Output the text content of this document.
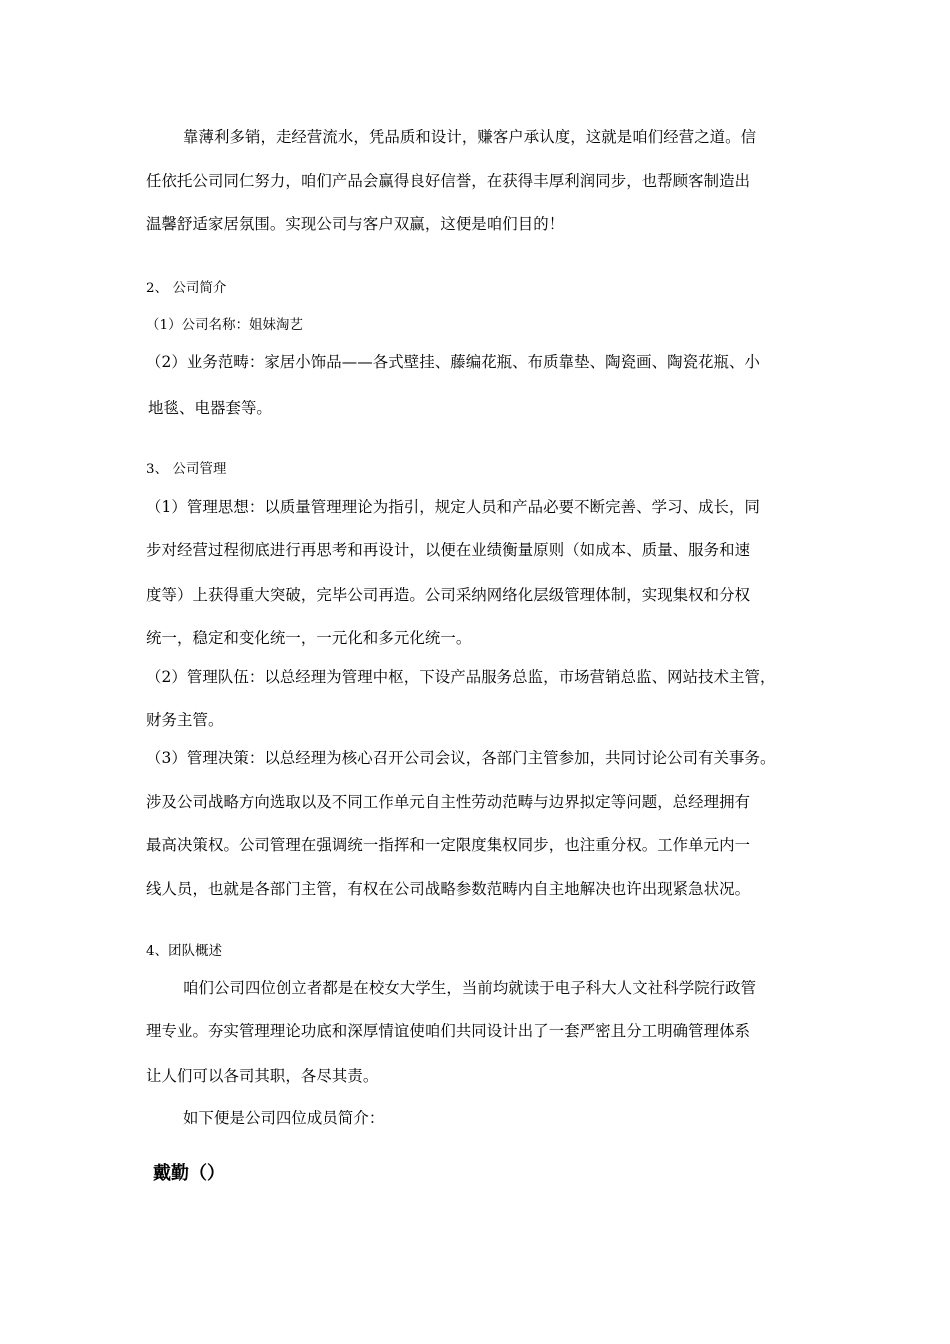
靠薄利多销，走经营流水，凭品质和设计，赚客户承认度，这就是咱们经营之道。信

任依托公司同仁努力，咱们产品会赢得良好信誉，在获得丰厚利润同步，也帮顾客制造出

温馨舒适家居氛围。实现公司与客户双赢，这便是咱们目的！

2、 公司简介

（1）公司名称：姐妹淘艺

（2）业务范畴：家居小饰品——各式壁挂、藤编花瓶、布质靠垫、陶瓷画、陶瓷花瓶、小

地毯、电器套等。

3、 公司管理

（1）管理思想：以质量管理理论为指引，规定人员和产品必要不断完善、学习、成长，同

步对经营过程彻底进行再思考和再设计，以便在业绩衡量原则（如成本、质量、服务和速

度等）上获得重大突破，完毕公司再造。公司采纳网络化层级管理体制，实现集权和分权

统一，稳定和变化统一，一元化和多元化统一。

（2）管理队伍：以总经理为管理中枢，下设产品服务总监，市场营销总监、网站技术主管，

财务主管。

（3）管理决策：以总经理为核心召开公司会议，各部门主管参加，共同讨论公司有关事务。

涉及公司战略方向选取以及不同工作单元自主性劳动范畴与边界拟定等问题，总经理拥有

最高决策权。公司管理在强调统一指挥和一定限度集权同步，也注重分权。工作单元内一

线人员，也就是各部门主管，有权在公司战略参数范畴内自主地解决也许出现紧急状况。

4、团队概述

咱们公司四位创立者都是在校女大学生，当前均就读于电子科大人文社科学院行政管

理专业。夯实管理理论功底和深厚情谊使咱们共同设计出了一套严密且分工明确管理体系

让人们可以各司其职，各尽其责。

如下便是公司四位成员简介：

戴勤（）
